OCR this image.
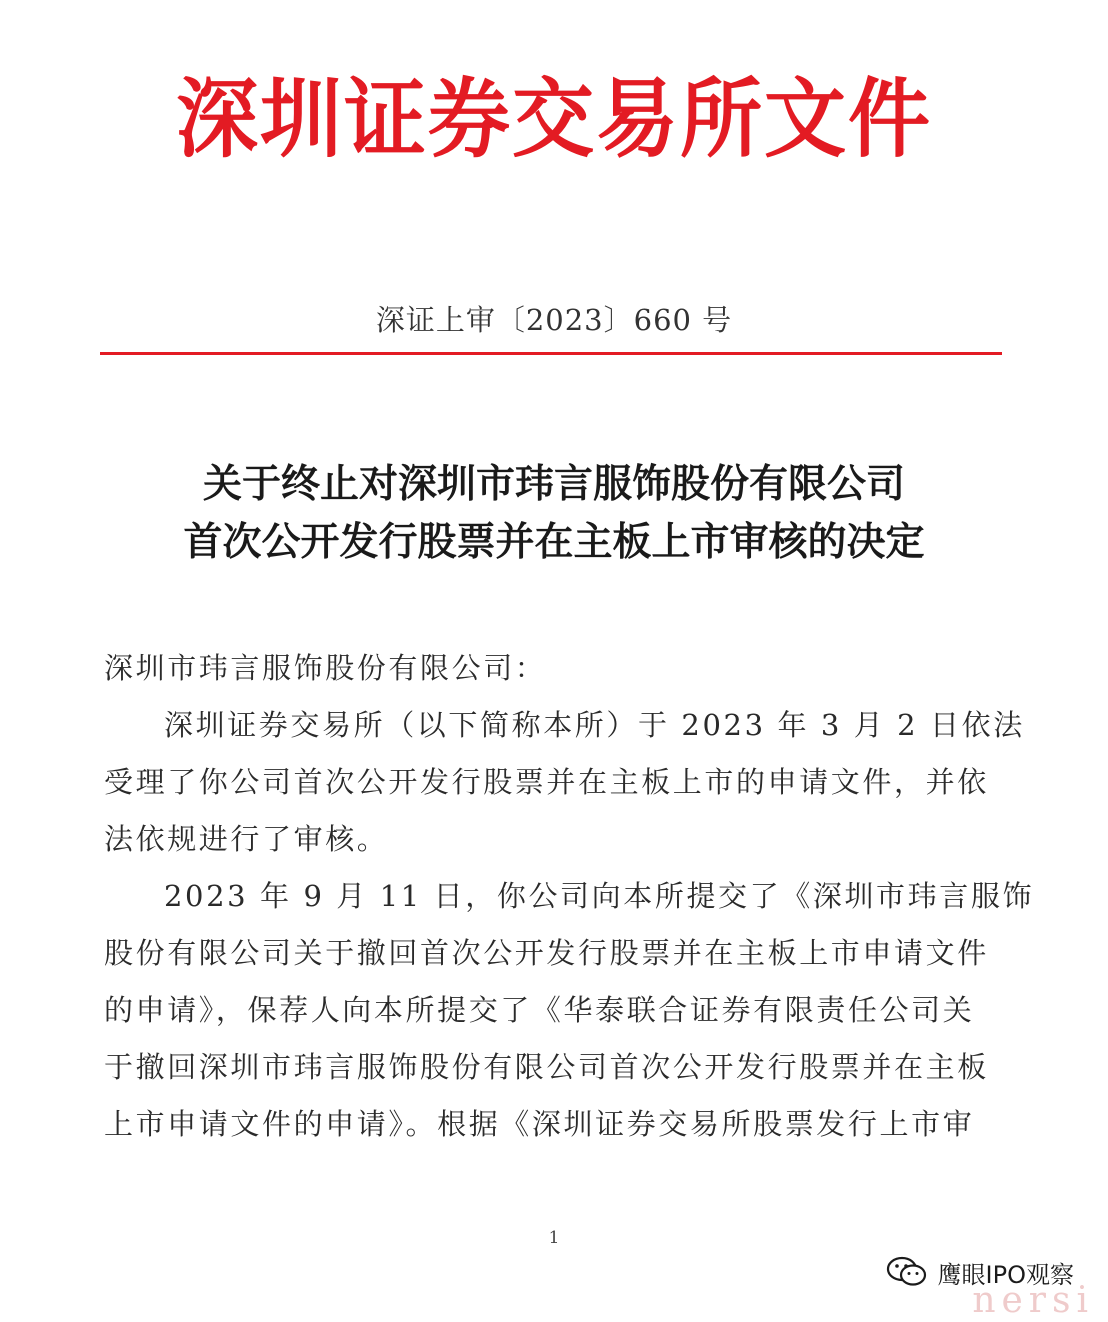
深圳证券交易所文件
深证上审〔2023〕660 号
关于终止对深圳市玮言服饰股份有限公司
首次公开发行股票并在主板上市审核的决定

深圳市玮言服饰股份有限公司：

深圳证券交易所（以下简称本所）于 2023 年 3 月 2 日依法
受理了你公司首次公开发行股票并在主板上市的申请文件，并依
法依规进行了审核。

2023 年 9 月 11 日，你公司向本所提交了《深圳市玮言服饰
股份有限公司关于撤回首次公开发行股票并在主板上市申请文件
的申请》，保荐人向本所提交了《华泰联合证券有限责任公司关
于撤回深圳市玮言服饰股份有限公司首次公开发行股票并在主板
上市申请文件的申请》。根据《深圳证券交易所股票发行上市审

1
鹰眼IPO观察
nersi
